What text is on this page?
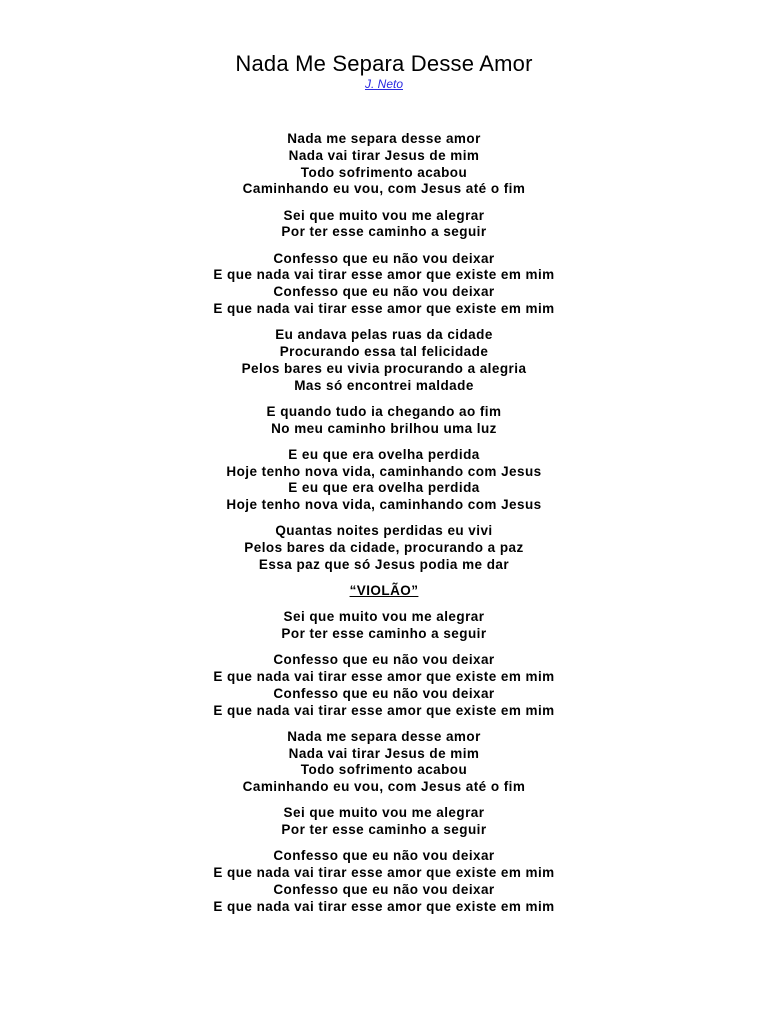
Nada Me Separa Desse Amor
J. Neto
Nada me separa desse amor
Nada vai tirar Jesus de mim
Todo sofrimento acabou
Caminhando eu vou, com Jesus até o fim
Sei que muito vou me alegrar
Por ter esse caminho a seguir
Confesso que eu não vou deixar
E que nada vai tirar esse amor que existe em mim
Confesso que eu não vou deixar
E que nada vai tirar esse amor que existe em mim
Eu andava pelas ruas da cidade
Procurando essa tal felicidade
Pelos bares eu vivia procurando a alegria
Mas só encontrei maldade
E quando tudo ia chegando ao fim
No meu caminho brilhou uma luz
E eu que era ovelha perdida
Hoje tenho nova vida, caminhando com Jesus
E eu que era ovelha perdida
Hoje tenho nova vida, caminhando com Jesus
Quantas noites perdidas eu vivi
Pelos bares da cidade, procurando a paz
Essa paz que só Jesus podia me dar
“VIOLÃO”
Sei que muito vou me alegrar
Por ter esse caminho a seguir
Confesso que eu não vou deixar
E que nada vai tirar esse amor que existe em mim
Confesso que eu não vou deixar
E que nada vai tirar esse amor que existe em mim
Nada me separa desse amor
Nada vai tirar Jesus de mim
Todo sofrimento acabou
Caminhando eu vou, com Jesus até o fim
Sei que muito vou me alegrar
Por ter esse caminho a seguir
Confesso que eu não vou deixar
E que nada vai tirar esse amor que existe em mim
Confesso que eu não vou deixar
E que nada vai tirar esse amor que existe em mim
